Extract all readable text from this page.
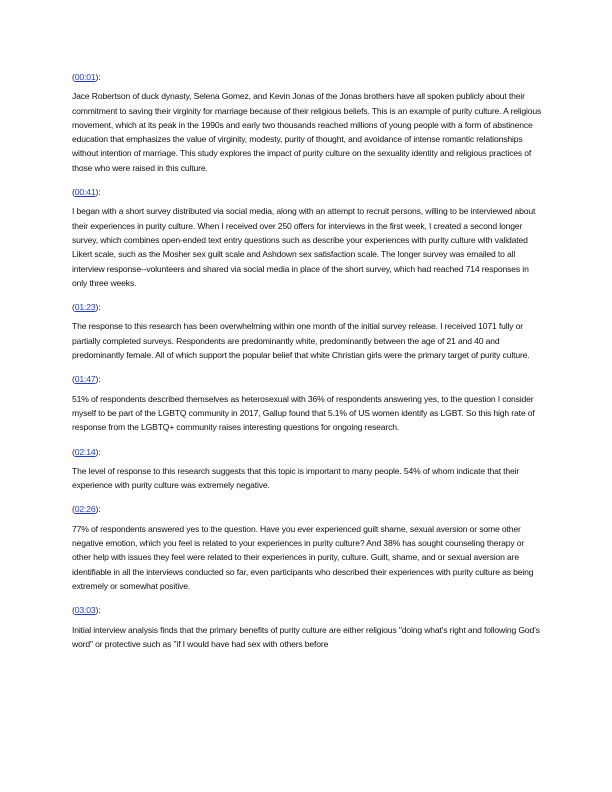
(00:01):

Jace Robertson of duck dynasty, Selena Gomez, and Kevin Jonas of the Jonas brothers have all spoken publicly about their commitment to saving their virginity for marriage because of their religious beliefs. This is an example of purity culture. A religious movement, which at its peak in the 1990s and early two thousands reached millions of young people with a form of abstinence education that emphasizes the value of virginity, modesty, purity of thought, and avoidance of intense romantic relationships without intention of marriage. This study explores the impact of purity culture on the sexuality identity and religious practices of those who were raised in this culture.

(00:41):

I began with a short survey distributed via social media, along with an attempt to recruit persons, willing to be interviewed about their experiences in purity culture. When I received over 250 offers for interviews in the first week, I created a second longer survey, which combines open-ended text entry questions such as describe your experiences with purity culture with validated Likert scale, such as the Mosher sex guilt scale and Ashdown sex satisfaction scale. The longer survey was emailed to all interview response--volunteers and shared via social media in place of the short survey, which had reached 714 responses in only three weeks.

(01:23):

The response to this research has been overwhelming within one month of the initial survey release. I received 1071 fully or partially completed surveys. Respondents are predominantly white, predominantly between the age of 21 and 40 and predominantly female. All of which support the popular belief that white Christian girls were the primary target of purity culture.

(01:47):

51% of respondents described themselves as heterosexual with 36% of respondents answering yes, to the question I consider myself to be part of the LGBTQ community in 2017, Gallup found that 5.1% of US women identify as LGBT. So this high rate of response from the LGBTQ+ community raises interesting questions for ongoing research.

(02:14):

The level of response to this research suggests that this topic is important to many people. 54% of whom indicate that their experience with purity culture was extremely negative.

(02:26):

77% of respondents answered yes to the question. Have you ever experienced guilt shame, sexual aversion or some other negative emotion, which you feel is related to your experiences in purity culture? And 38% has sought counseling therapy or other help with issues they feel were related to their experiences in purity, culture. Guilt, shame, and or sexual aversion are identifiable in all the interviews conducted so far, even participants who described their experiences with purity culture as being extremely or somewhat positive.

(03:03):

Initial interview analysis finds that the primary benefits of purity culture are either religious "doing what's right and following God's word" or protective such as "if I would have had sex with others before
